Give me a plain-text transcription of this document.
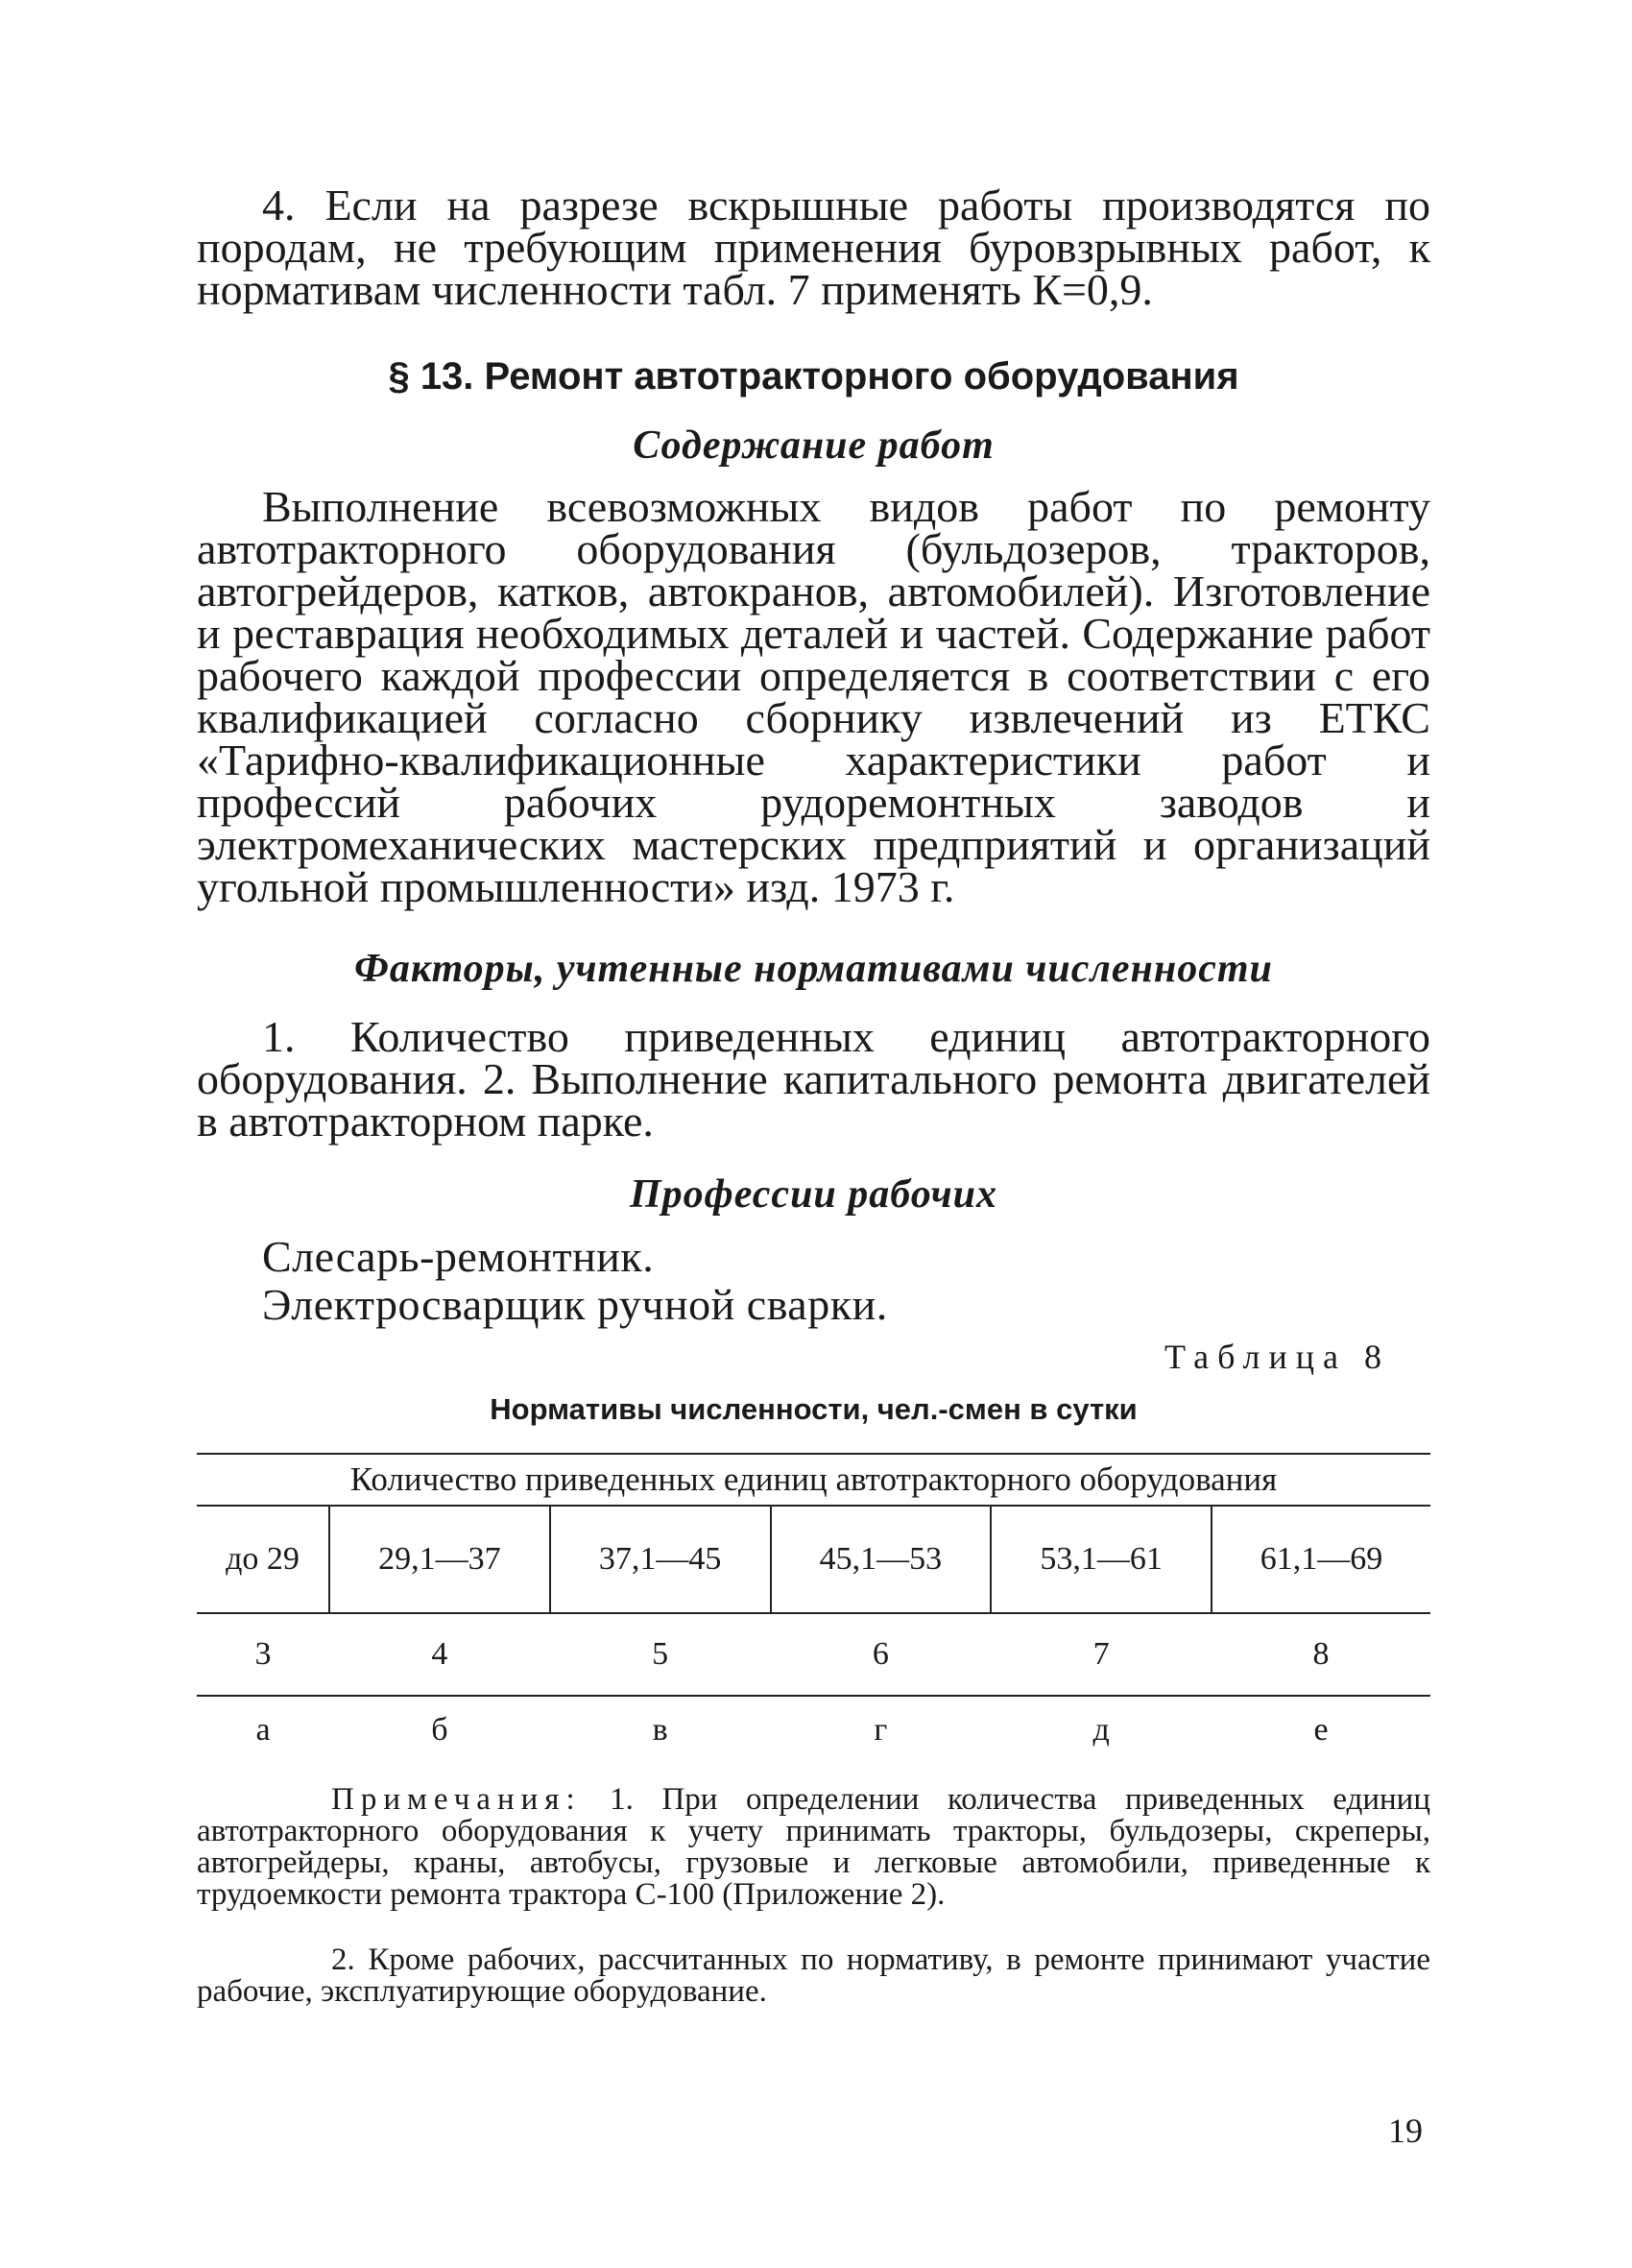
4. Если на разрезе вскрышные работы производятся по породам, не требующим применения буровзрывных работ, к нормативам численности табл. 7 применять К=0,9.

§ 13. Ремонт автотракторного оборудования
Содержание работ

Выполнение всевозможных видов работ по ремонту автотракторного оборудования (бульдозеров, тракторов, автогрейдеров, катков, автокранов, автомобилей). Изготовление и реставрация необходимых деталей и частей. Содержание работ рабочего каждой профессии определяется в соответствии с его квалификацией согласно сборнику извлечений из ЕТКС «Тарифно-квалификационные характеристики работ и профессий рабочих рудоремонтных заводов и электромеханических мастерских предприятий и организаций угольной промышленности» изд. 1973 г.

Факторы, учтенные нормативами численности

1. Количество приведенных единиц автотракторного оборудования. 2. Выполнение капитального ремонта двигателей в автотракторном парке.

Профессии рабочих

Слесарь-ремонтник.

Электросварщик ручной сварки.

Таблица 8
Нормативы численности, чел.-смен в сутки
Количество приведенных единиц автотракторного оборудования					
до 29	29,1—37	37,1—45	45,1—53	53,1—61	61,1—69
3	4	5	6	7	8
а	б	в	г	д	е

Примечания: 1. При определении количества приведенных единиц автотракторного оборудования к учету принимать тракторы, бульдозеры, скреперы, автогрейдеры, краны, автобусы, грузовые и легковые автомобили, приведенные к трудоемкости ремонта трактора С-100 (Приложение 2).

2. Кроме рабочих, рассчитанных по нормативу, в ремонте принимают участие рабочие, эксплуатирующие оборудование.

19
